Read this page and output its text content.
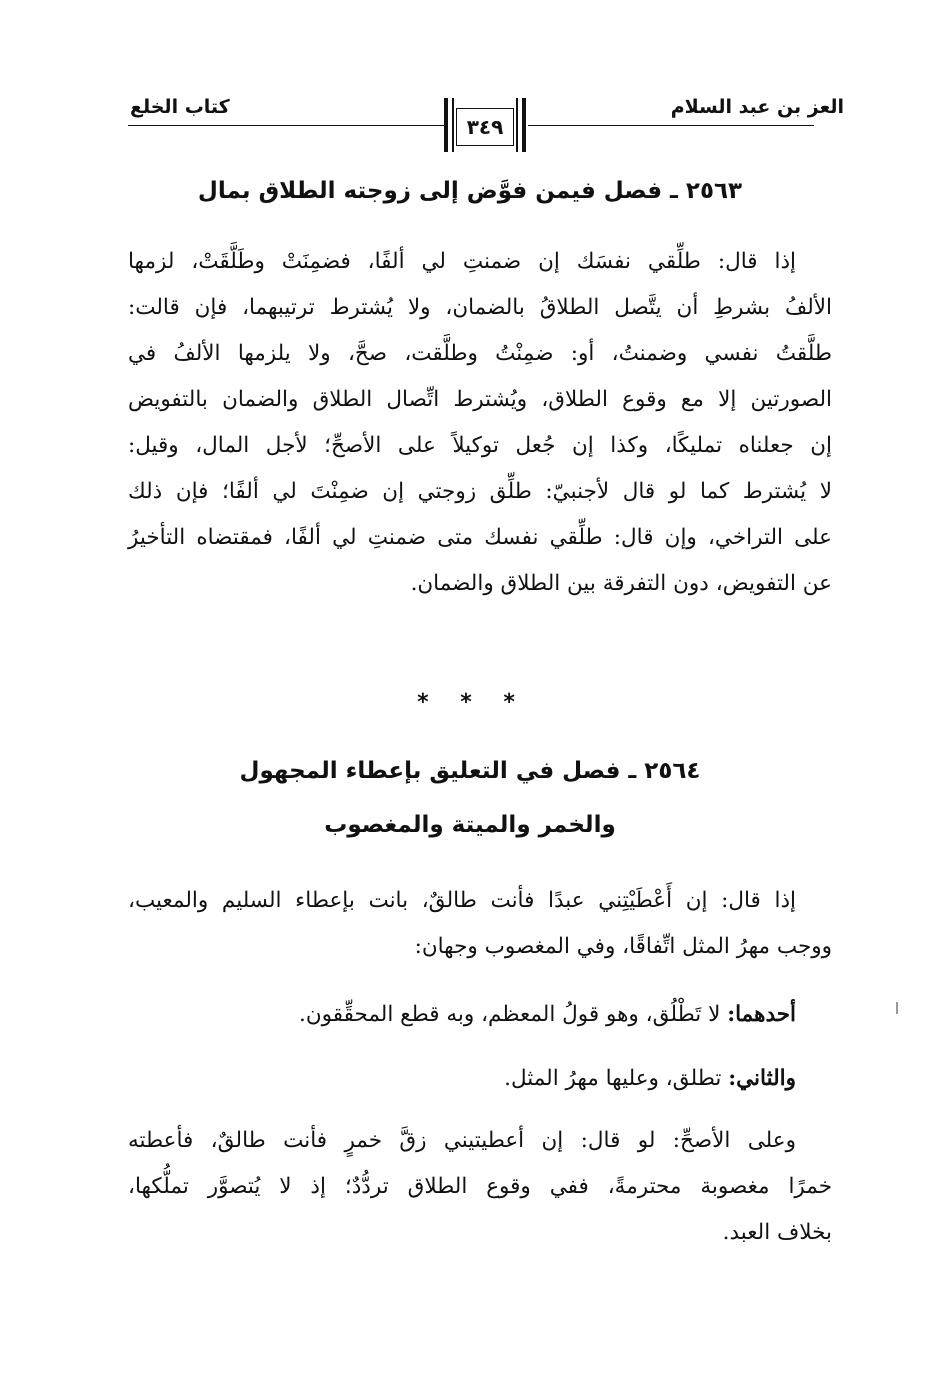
العز بن عبد السلام
كتاب الخلع
٣٤٩
٢٥٦٣ ـ فصل فيمن فوَّض إلى زوجته الطلاق بمال
إذا قال: طلِّقي نفسَك إن ضمنتِ لي ألفًا، فضمِنَتْ وطَلَّقَتْ، لزمها
الألفُ بشرطِ أن يتَّصل الطلاقُ بالضمان، ولا يُشترط ترتيبهما، فإن قالت:
طلَّقتُ نفسي وضمنتُ، أو: ضمِنْتُ وطلَّقت، صحَّ، ولا يلزمها الألفُ في
الصورتين إلا مع وقوع الطلاق، ويُشترط اتِّصال الطلاق والضمان بالتفويض
إن جعلناه تمليكًا، وكذا إن جُعل توكيلاً على الأصحِّ؛ لأجل المال، وقيل:
لا يُشترط كما لو قال لأجنبيّ: طلِّق زوجتي إن ضمِنْتَ لي ألفًا؛ فإن ذلك
على التراخي، وإن قال: طلِّقي نفسك متى ضمنتِ لي ألفًا، فمقتضاه التأخيرُ
عن التفويض، دون التفرقة بين الطلاق والضمان.
* * *
٢٥٦٤ ـ فصل في التعليق بإعطاء المجهول
والخمر والميتة والمغصوب
إذا قال: إن أَعْطَيْتِني عبدًا فأنت طالقٌ، بانت بإعطاء السليم والمعيب،
ووجب مهرُ المثل اتِّفاقًا، وفي المغصوب وجهان:
أحدهما: لا تَطْلُق، وهو قولُ المعظم، وبه قطع المحقِّقون.
والثاني: تطلق، وعليها مهرُ المثل.
وعلى الأصحِّ: لو قال: إن أعطيتيني زقَّ خمرٍ فأنت طالقٌ، فأعطته
خمرًا مغصوبة محترمةً، ففي وقوع الطلاق تردُّدٌ؛ إذ لا يُتصوَّر تملُّكها،
بخلاف العبد.
